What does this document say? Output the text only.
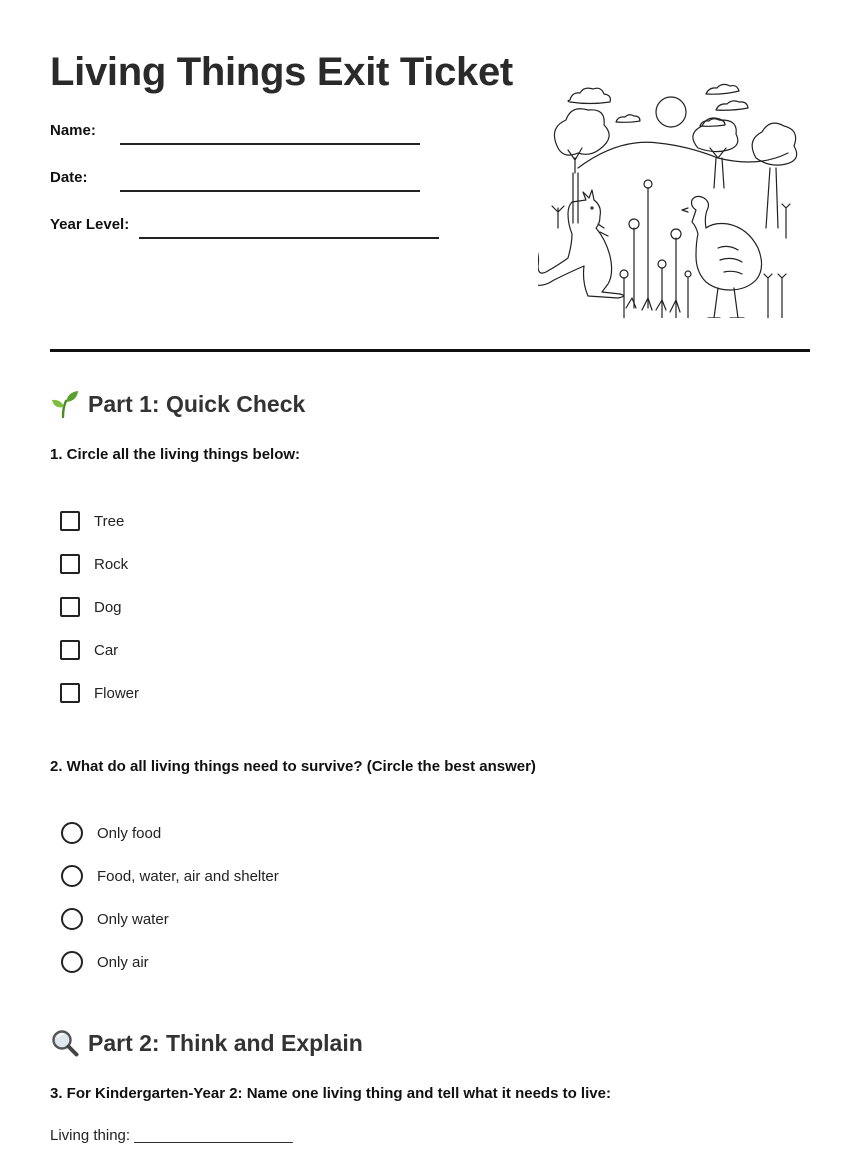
Living Things Exit Ticket
Name:
Date:
Year Level:
Part 1: Quick Check
1. Circle all the living things below:
Tree
Rock
Dog
Car
Flower
2. What do all living things need to survive? (Circle the best answer)
Only food
Food, water, air and shelter
Only water
Only air
Part 2: Think and Explain
3. For Kindergarten-Year 2: Name one living thing and tell what it needs to live:
Living thing: ___________________
